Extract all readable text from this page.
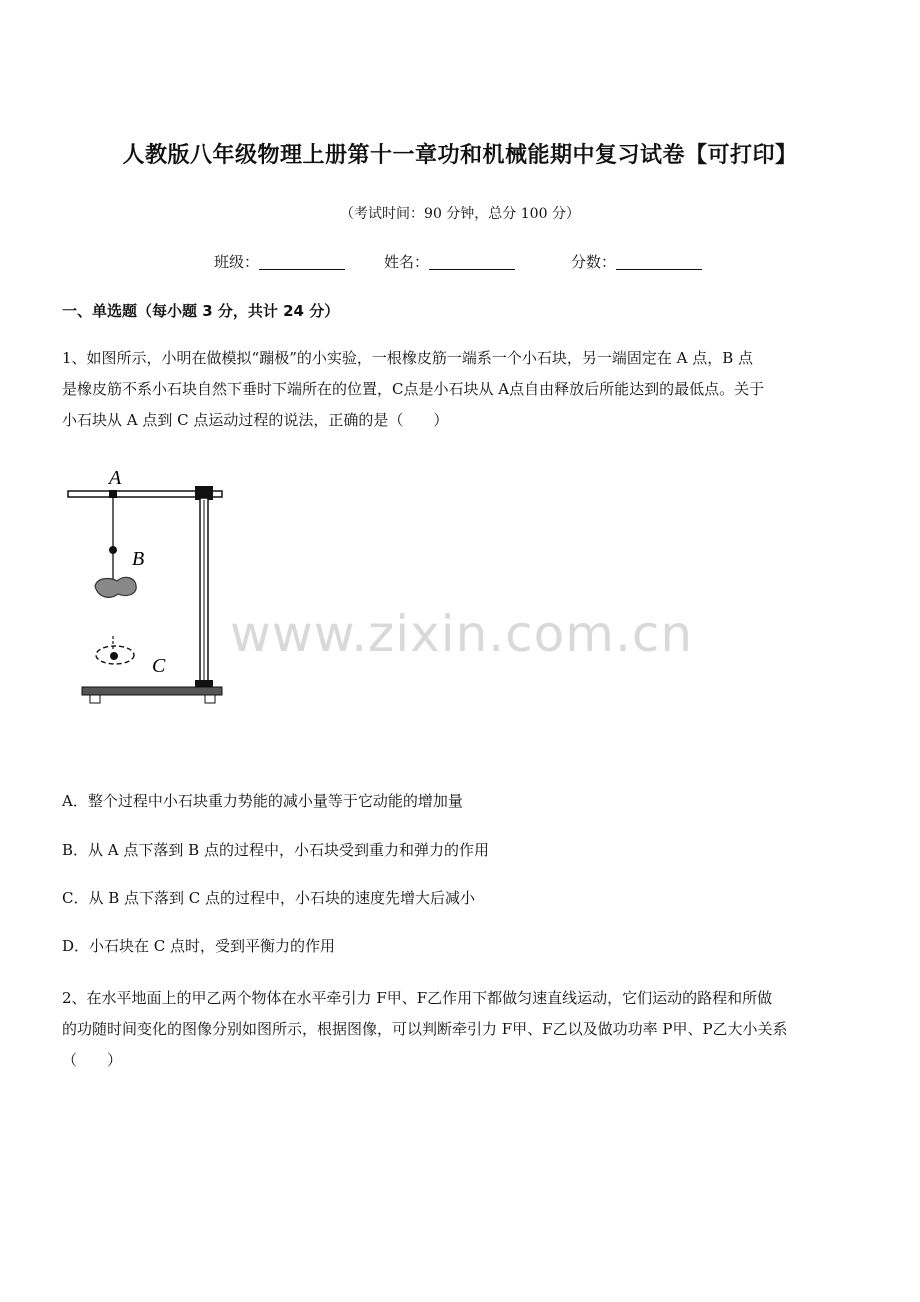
人教版八年级物理上册第十一章功和机械能期中复习试卷【可打印】
（考试时间：90 分钟，总分 100 分）
班级：	姓名：	分数：
一、单选题（每小题 3 分，共计 24 分）
1、如图所示，小明在做模拟“蹦极”的小实验，一根橡皮筋一端系一个小石块，另一端固定在 A 点，B 点
是橡皮筋不系小石块自然下垂时下端所在的位置，C点是小石块从 A点自由释放后所能达到的最低点。关于
小石块从 A 点到 C 点运动过程的说法，正确的是（　　）
A
B
C
www.zixin.com.cn
A．整个过程中小石块重力势能的减小量等于它动能的增加量
B．从 A 点下落到 B 点的过程中，小石块受到重力和弹力的作用
C．从 B 点下落到 C 点的过程中，小石块的速度先增大后减小
D．小石块在 C 点时，受到平衡力的作用
2、在水平地面上的甲乙两个物体在水平牵引力 F甲、F乙作用下都做匀速直线运动，它们运动的路程和所做
的功随时间变化的图像分别如图所示，根据图像，可以判断牵引力 F甲、F乙以及做功功率 P甲、P乙大小关系
（　　）
